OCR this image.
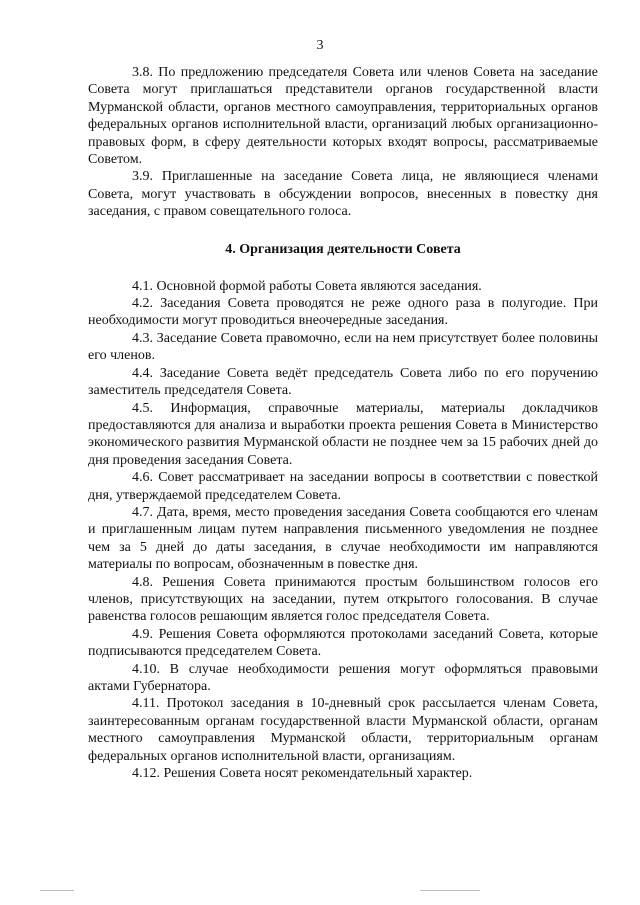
3

3.8. По предложению председателя Совета или членов Совета на заседание Совета могут приглашаться представители органов государственной власти Мурманской области, органов местного самоуправления, территориальных органов федеральных органов исполнительной власти, организаций любых организационно-правовых форм, в сферу деятельности которых входят вопросы, рассматриваемые Советом.

3.9. Приглашенные на заседание Совета лица, не являющиеся членами Совета, могут участвовать в обсуждении вопросов, внесенных в повестку дня заседания, с правом совещательного голоса.

4. Организация деятельности Совета

4.1. Основной формой работы Совета являются заседания.

4.2. Заседания Совета проводятся не реже одного раза в полугодие. При необходимости могут проводиться внеочередные заседания.

4.3. Заседание Совета правомочно, если на нем присутствует более половины его членов.

4.4. Заседание Совета ведёт председатель Совета либо по его поручению заместитель председателя Совета.

4.5. Информация, справочные материалы, материалы докладчиков предоставляются для анализа и выработки проекта решения Совета в Министерство экономического развития Мурманской области не позднее чем за 15 рабочих дней до дня проведения заседания Совета.

4.6. Совет рассматривает на заседании вопросы в соответствии с повесткой дня, утверждаемой председателем Совета.

4.7. Дата, время, место проведения заседания Совета сообщаются его членам и приглашенным лицам путем направления письменного уведомления не позднее чем за 5 дней до даты заседания, в случае необходимости им направляются материалы по вопросам, обозначенным в повестке дня.

4.8. Решения Совета принимаются простым большинством голосов его членов, присутствующих на заседании, путем открытого голосования. В случае равенства голосов решающим является голос председателя Совета.

4.9. Решения Совета оформляются протоколами заседаний Совета, которые подписываются председателем Совета.

4.10. В случае необходимости решения могут оформляться правовыми актами Губернатора.

4.11. Протокол заседания в 10-дневный срок рассылается членам Совета, заинтересованным органам государственной власти Мурманской области, органам местного самоуправления Мурманской области, территориальным органам федеральных органов исполнительной власти, организациям.

4.12. Решения Совета носят рекомендательный характер.
